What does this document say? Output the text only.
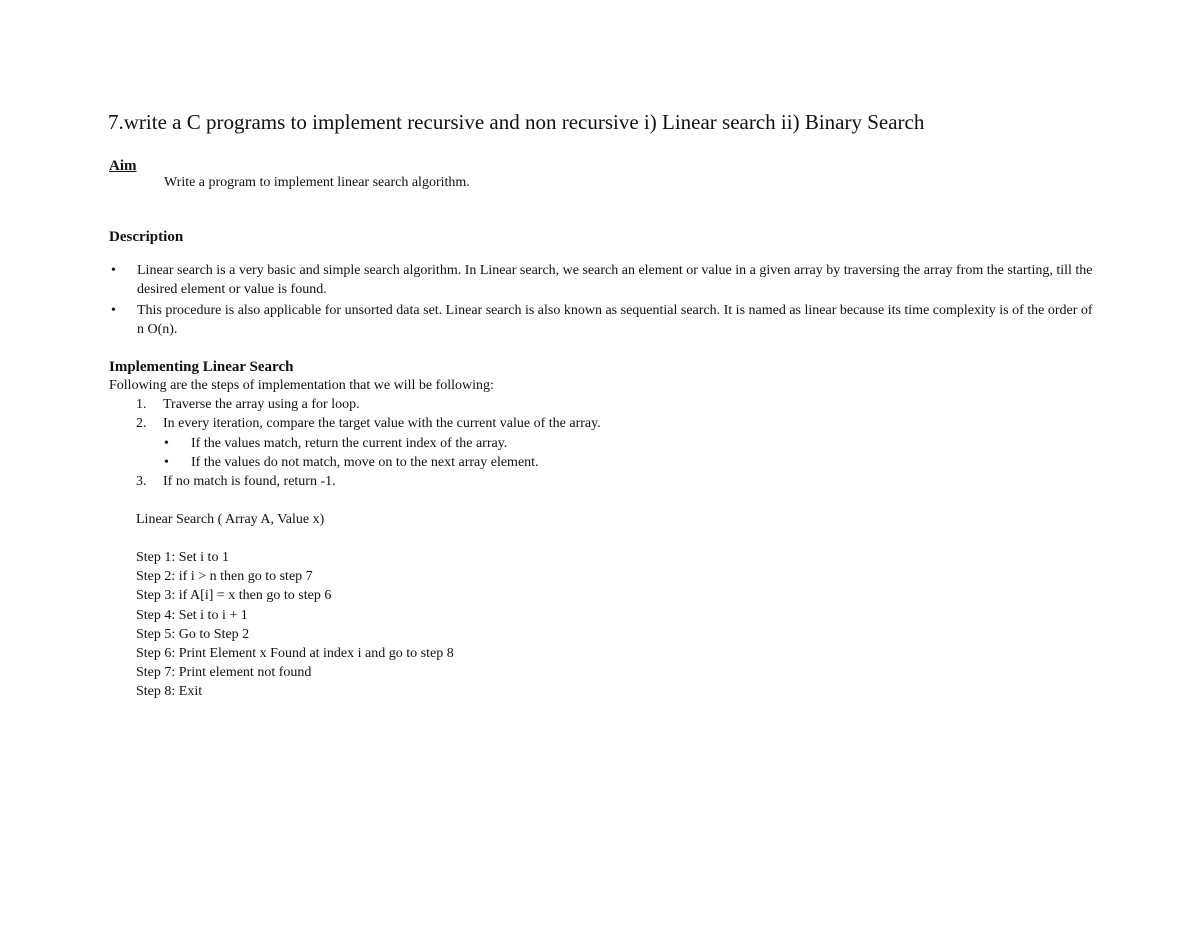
7.write a C programs to implement recursive and non recursive i) Linear search ii) Binary Search
Aim
Write a program to implement linear search algorithm.
Description
• Linear search is a very basic and simple search algorithm. In Linear search, we search an element or value in a given array by traversing the array from the starting, till the desired element or value is found.
• This procedure is also applicable for unsorted data set. Linear search is also known as sequential search. It is named as linear because its time complexity is of the order of n O(n).
Implementing Linear Search
Following are the steps of implementation that we will be following:
1. Traverse the array using a for loop.
2. In every iteration, compare the target value with the current value of the array.
• If the values match, return the current index of the array.
• If the values do not match, move on to the next array element.
3. If no match is found, return -1.
Linear Search ( Array A, Value x)
Step 1: Set i to 1
Step 2: if i > n then go to step 7
Step 3: if A[i] = x then go to step 6
Step 4: Set i to i + 1
Step 5: Go to Step 2
Step 6: Print Element x Found at index i and go to step 8
Step 7: Print element not found
Step 8: Exit
